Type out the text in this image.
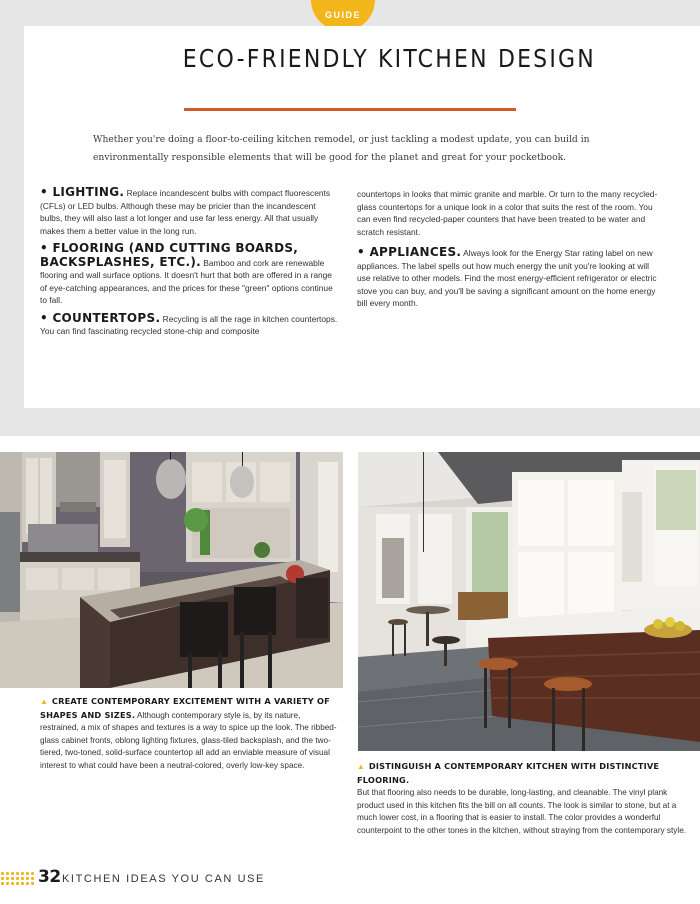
GUIDE
ECO-FRIENDLY KITCHEN DESIGN

Whether you're doing a floor-to-ceiling kitchen remodel, or just tackling a modest update, you can build in environmentally responsible elements that will be good for the planet and great for your pocketbook.

• LIGHTING. Replace incandescent bulbs with compact fluorescents (CFLs) or LED bulbs. Although these may be pricier than the incandescent bulbs, they will also last a lot longer and use far less energy. All that usually makes them a better value in the long run.

• FLOORING (AND CUTTING BOARDS, BACKSPLASHES, ETC.). Bamboo and cork are renewable flooring and wall surface options. It doesn't hurt that both are offered in a range of eye-catching appearances, and the prices for these "green" options continue to fall.

• COUNTERTOPS. Recycling is all the rage in kitchen countertops. You can find fascinating recycled stone-chip and composite

countertops in looks that mimic granite and marble. Or turn to the many recycled-glass countertops for a unique look in a color that suits the rest of the room. You can even find recycled-paper counters that have been treated to be water and scratch resistant.

• APPLIANCES. Always look for the Energy Star rating label on new appliances. The label spells out how much energy the unit you're looking at will use relative to other models. Find the most energy-efficient refrigerator or electric stove you can buy, and you'll be saving a significant amount on the home energy bill every month.

▲ CREATE CONTEMPORARY EXCITEMENT WITH A VARIETY OF SHAPES AND SIZES. Although contemporary style is, by its nature, restrained, a mix of shapes and textures is a way to spice up the look. The ribbed-glass cabinet fronts, oblong lighting fixtures, glass-tiled backsplash, and the two-tiered, two-toned, solid-surface countertop all add an enviable measure of visual interest to what could have been a neutral-colored, overly low-key space.	▲ DISTINGUISH A CONTEMPORARY KITCHEN WITH DISTINCTIVE FLOORING.
But that flooring also needs to be durable, long-lasting, and cleanable. The vinyl plank product used in this kitchen fits the bill on all counts. The look is similar to stone, but at a much lower cost, in a flooring that is easier to install. The color provides a wonderful counterpoint to the other tones in the kitchen, without straying from the contemporary style.
32 KITCHEN IDEAS YOU CAN USE
